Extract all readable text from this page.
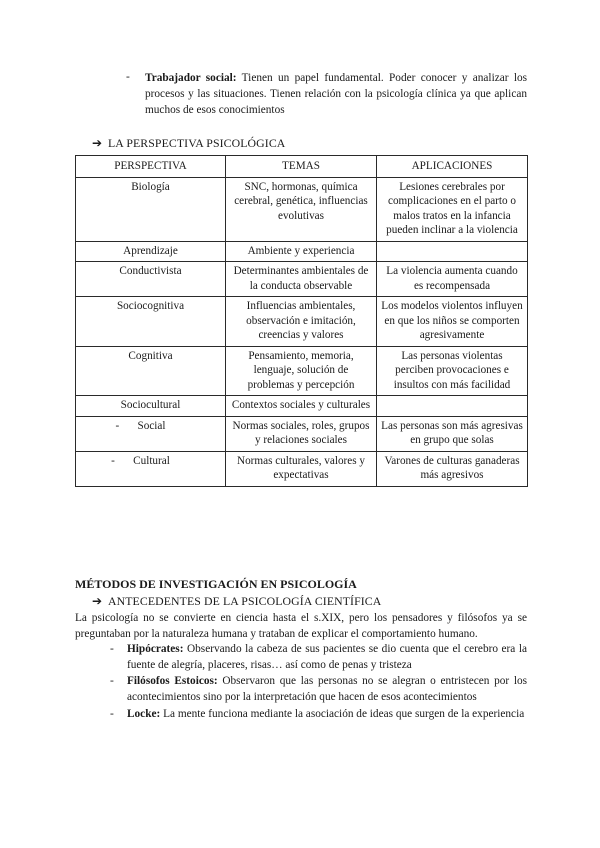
- Trabajador social: Tienen un papel fundamental. Poder conocer y analizar los procesos y las situaciones. Tienen relación con la psicología clínica ya que aplican muchos de esos conocimientos
➔ LA PERSPECTIVA PSICOLÓGICA
PERSPECTIVA	TEMAS	APLICACIONES
Biología	SNC, hormonas, química cerebral, genética, influencias evolutivas	Lesiones cerebrales por complicaciones en el parto o malos tratos en la infancia pueden inclinar a la violencia
Aprendizaje	Ambiente y experiencia	
Conductivista	Determinantes ambientales de la conducta observable	La violencia aumenta cuando es recompensada
Sociocognitiva	Influencias ambientales, observación e imitación, creencias y valores	Los modelos violentos influyen en que los niños se comporten agresivamente
Cognitiva	Pensamiento, memoria, lenguaje, solución de problemas y percepción	Las personas violentas perciben provocaciones e insultos con más facilidad
Sociocultural	Contextos sociales y culturales	
- Social	Normas sociales, roles, grupos y relaciones sociales	Las personas son más agresivas en grupo que solas
- Cultural	Normas culturales, valores y expectativas	Varones de culturas ganaderas más agresivos
MÉTODOS DE INVESTIGACIÓN EN PSICOLOGÍA
➔ ANTECEDENTES DE LA PSICOLOGÍA CIENTÍFICA
La psicología no se convierte en ciencia hasta el s.XIX, pero los pensadores y filósofos ya se preguntaban por la naturaleza humana y trataban de explicar el comportamiento humano.
- Hipócrates: Observando la cabeza de sus pacientes se dio cuenta que el cerebro era la fuente de alegría, placeres, risas… así como de penas y tristeza
- Filósofos Estoicos: Observaron que las personas no se alegran o entristecen por los acontecimientos sino por la interpretación que hacen de esos acontecimientos
- Locke: La mente funciona mediante la asociación de ideas que surgen de la experiencia
